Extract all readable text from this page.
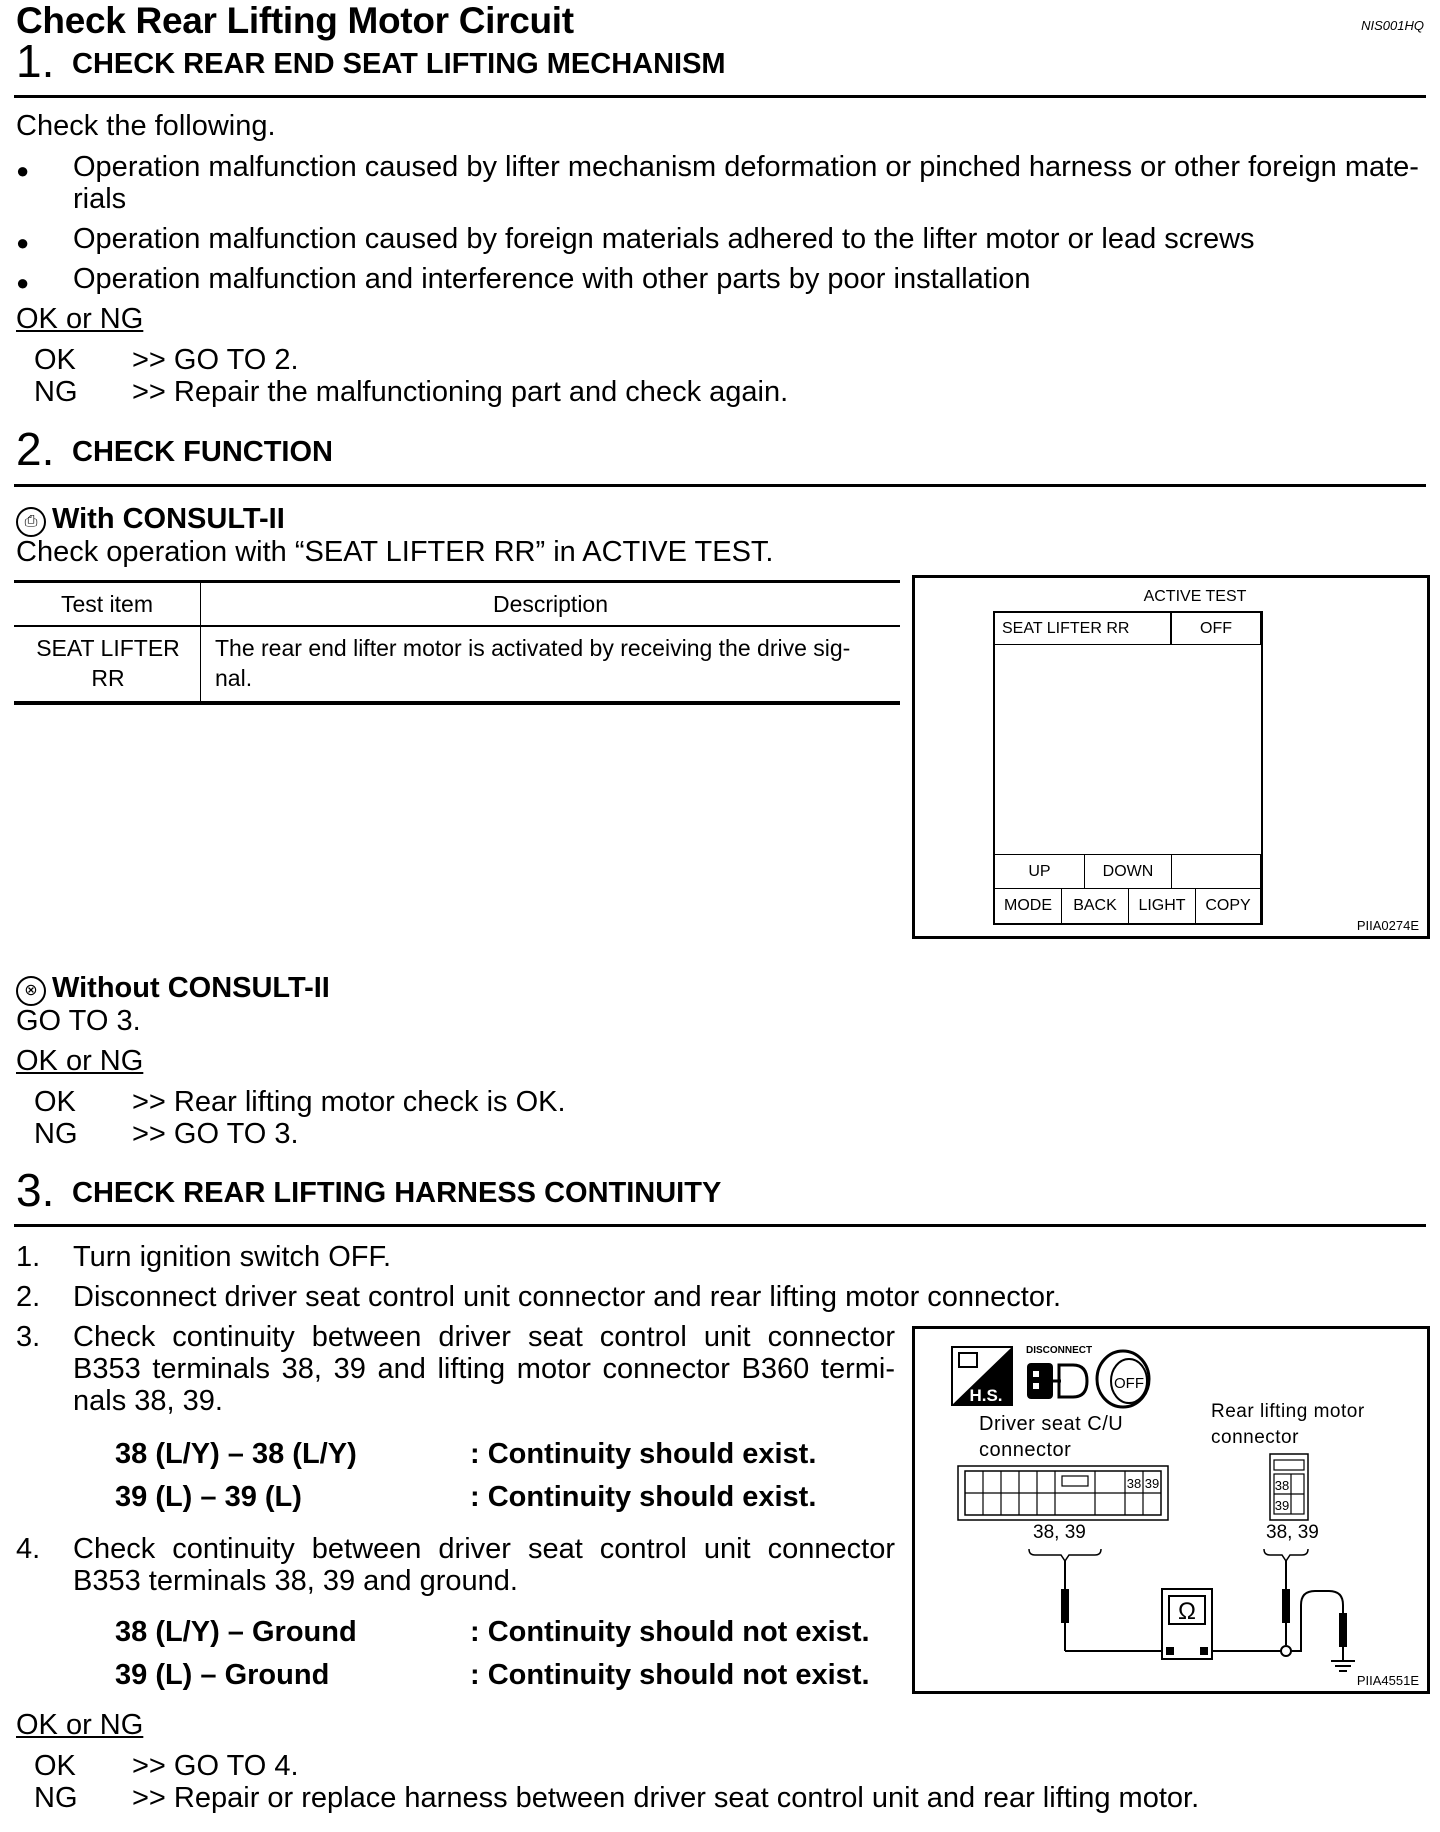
Check Rear Lifting Motor Circuit	NIS001HQ
1. CHECK REAR END SEAT LIFTING MECHANISM
Check the following.
● Operation malfunction caused by lifter mechanism deformation or pinched harness or other foreign mate-rials
● Operation malfunction caused by foreign materials adhered to the lifter motor or lead screws
● Operation malfunction and interference with other parts by poor installation
OK or NG
OK >> GO TO 2.
NG >> Repair the malfunctioning part and check again.
2. CHECK FUNCTION
⎙ With CONSULT-II
Check operation with “SEAT LIFTER RR” in ACTIVE TEST.
Test item	Description
SEAT LIFTER RR	The rear end lifter motor is activated by receiving the drive sig-nal.
ACTIVE TEST
SEAT LIFTER RR	OFF
UP	DOWN
MODE	BACK	LIGHT	COPY
PIIA0274E
⊗ Without CONSULT-II
GO TO 3.
OK or NG
OK >> Rear lifting motor check is OK.
NG >> GO TO 3.
3. CHECK REAR LIFTING HARNESS CONTINUITY
1. Turn ignition switch OFF.
2. Disconnect driver seat control unit connector and rear lifting motor connector.
3. Check continuity between driver seat control unit connector B353 terminals 38, 39 and lifting motor connector B360 termi-nals 38, 39.
38 (L/Y) – 38 (L/Y)	: Continuity should exist.
39 (L) – 39 (L)	: Continuity should exist.
4. Check continuity between driver seat control unit connector B353 terminals 38, 39 and ground.
38 (L/Y) – Ground	: Continuity should not exist.
39 (L) – Ground	: Continuity should not exist.
H.S.
DISCONNECT
OFF
38 39	38
39
Ω
Driver seat C/U
connector
Rear lifting motor
connector
38, 39	38, 39
PIIA4551E
OK or NG
OK >> GO TO 4.
NG >> Repair or replace harness between driver seat control unit and rear lifting motor.
